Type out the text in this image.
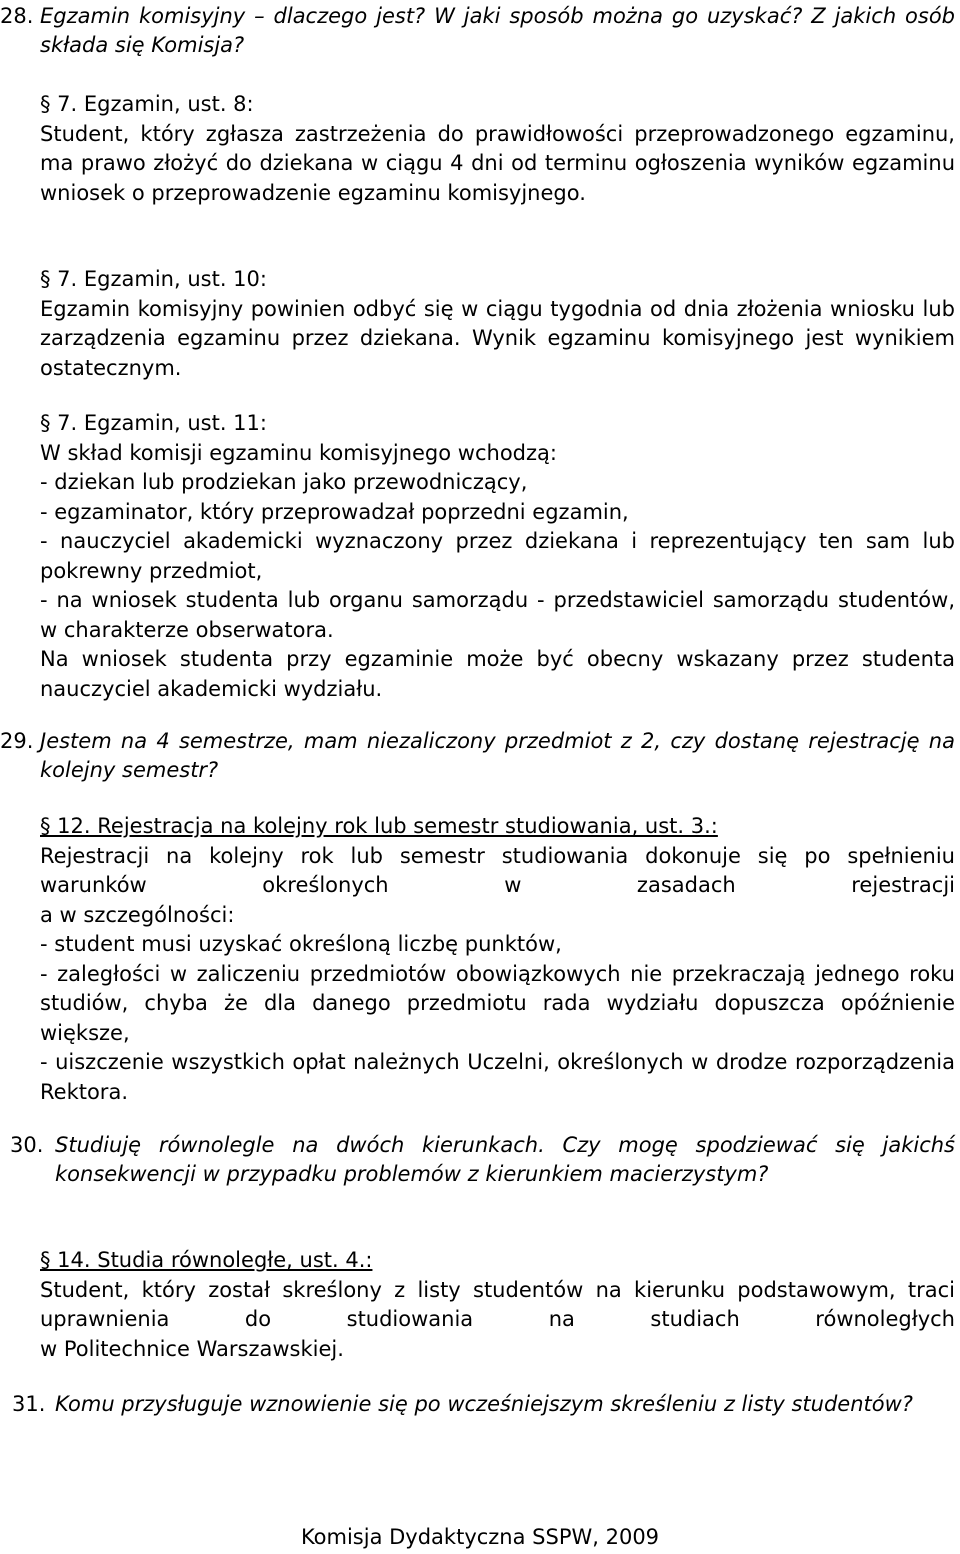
28. Egzamin komisyjny – dlaczego jest? W jaki sposób można go uzyskać? Z jakich osób składa się Komisja?
§ 7. Egzamin, ust. 8:
Student, który zgłasza zastrzeżenia do prawidłowości przeprowadzonego egzaminu, ma prawo złożyć do dziekana w ciągu 4 dni od terminu ogłoszenia wyników egzaminu wniosek o przeprowadzenie egzaminu komisyjnego.
§ 7. Egzamin, ust. 10:
Egzamin komisyjny powinien odbyć się w ciągu tygodnia od dnia złożenia wniosku lub zarządzenia egzaminu przez dziekana. Wynik egzaminu komisyjnego jest wynikiem ostatecznym.
§ 7. Egzamin, ust. 11:
W skład komisji egzaminu komisyjnego wchodzą:
- dziekan lub prodziekan jako przewodniczący,
- egzaminator, który przeprowadzał poprzedni egzamin,
- nauczyciel akademicki wyznaczony przez dziekana i reprezentujący ten sam lub pokrewny przedmiot,
- na wniosek studenta lub organu samorządu - przedstawiciel samorządu studentów, w charakterze obserwatora.
Na wniosek studenta przy egzaminie może być obecny wskazany przez studenta nauczyciel akademicki wydziału.
29. Jestem na 4 semestrze, mam niezaliczony przedmiot z 2, czy dostanę rejestrację na kolejny semestr?
§ 12. Rejestracja na kolejny rok lub semestr studiowania, ust. 3.:
Rejestracji na kolejny rok lub semestr studiowania dokonuje się po spełnieniu warunków określonych w zasadach rejestracji
a w szczególności:
- student musi uzyskać określoną liczbę punktów,
- zaległości w zaliczeniu przedmiotów obowiązkowych nie przekraczają jednego roku studiów, chyba że dla danego przedmiotu rada wydziału dopuszcza opóźnienie większe,
- uiszczenie wszystkich opłat należnych Uczelni, określonych w drodze rozporządzenia Rektora.
30. Studiuję równolegle na dwóch kierunkach. Czy mogę spodziewać się jakichś konsekwencji w przypadku problemów z kierunkiem macierzystym?
§ 14. Studia równoległe, ust. 4.:
Student, który został skreślony z listy studentów na kierunku podstawowym, traci uprawnienia do studiowania na studiach równoległych
w Politechnice Warszawskiej.
31. Komu przysługuje wznowienie się po wcześniejszym skreśleniu z listy studentów?
Komisja Dydaktyczna SSPW, 2009
